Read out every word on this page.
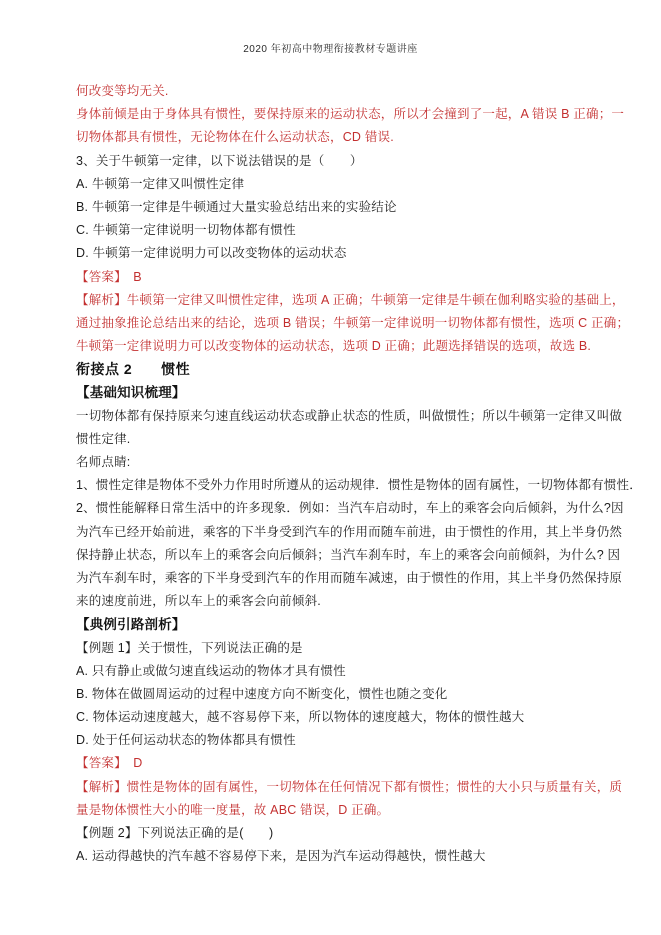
2020 年初高中物理衔接教材专题讲座
何改变等均无关.
身体前倾是由于身体具有惯性，要保持原来的运动状态，所以才会撞到了一起，A 错误 B 正确；一
切物体都具有惯性，无论物体在什么运动状态，CD 错误.
3、关于牛顿第一定律，以下说法错误的是（　　）
A. 牛顿第一定律又叫惯性定律
B. 牛顿第一定律是牛顿通过大量实验总结出来的实验结论
C. 牛顿第一定律说明一切物体都有惯性
D. 牛顿第一定律说明力可以改变物体的运动状态
【答案】　B
【解析】牛顿第一定律又叫惯性定律，选项 A 正确；牛顿第一定律是牛顿在伽利略实验的基础上，
通过抽象推论总结出来的结论，选项 B 错误；牛顿第一定律说明一切物体都有惯性，选项 C 正确；
牛顿第一定律说明力可以改变物体的运动状态，选项 D 正确；此题选择错误的选项，故选 B.
衔接点 2　　惯性
【基础知识梳理】
一切物体都有保持原来匀速直线运动状态或静止状态的性质，叫做惯性；所以牛顿第一定律又叫做
惯性定律.
名师点睛:
1、惯性定律是物体不受外力作用时所遵从的运动规律．惯性是物体的固有属性，一切物体都有惯性．
2、惯性能解释日常生活中的许多现象．例如：当汽车启动时，车上的乘客会向后倾斜，为什么?因
为汽车已经开始前进，乘客的下半身受到汽车的作用而随车前进，由于惯性的作用，其上半身仍然
保持静止状态，所以车上的乘客会向后倾斜；当汽车刹车时，车上的乘客会向前倾斜，为什么? 因
为汽车刹车时，乘客的下半身受到汽车的作用而随车减速，由于惯性的作用，其上半身仍然保持原
来的速度前进，所以车上的乘客会向前倾斜.
【典例引路剖析】
【例题 1】关于惯性，下列说法正确的是
A. 只有静止或做匀速直线运动的物体才具有惯性
B. 物体在做圆周运动的过程中速度方向不断变化，惯性也随之变化
C. 物体运动速度越大，越不容易停下来，所以物体的速度越大，物体的惯性越大
D. 处于任何运动状态的物体都具有惯性
【答案】　D
【解析】惯性是物体的固有属性，一切物体在任何情况下都有惯性；惯性的大小只与质量有关，质
量是物体惯性大小的唯一度量，故 ABC 错误，D 正确。
【例题 2】下列说法正确的是(　　)
A. 运动得越快的汽车越不容易停下来，是因为汽车运动得越快，惯性越大
